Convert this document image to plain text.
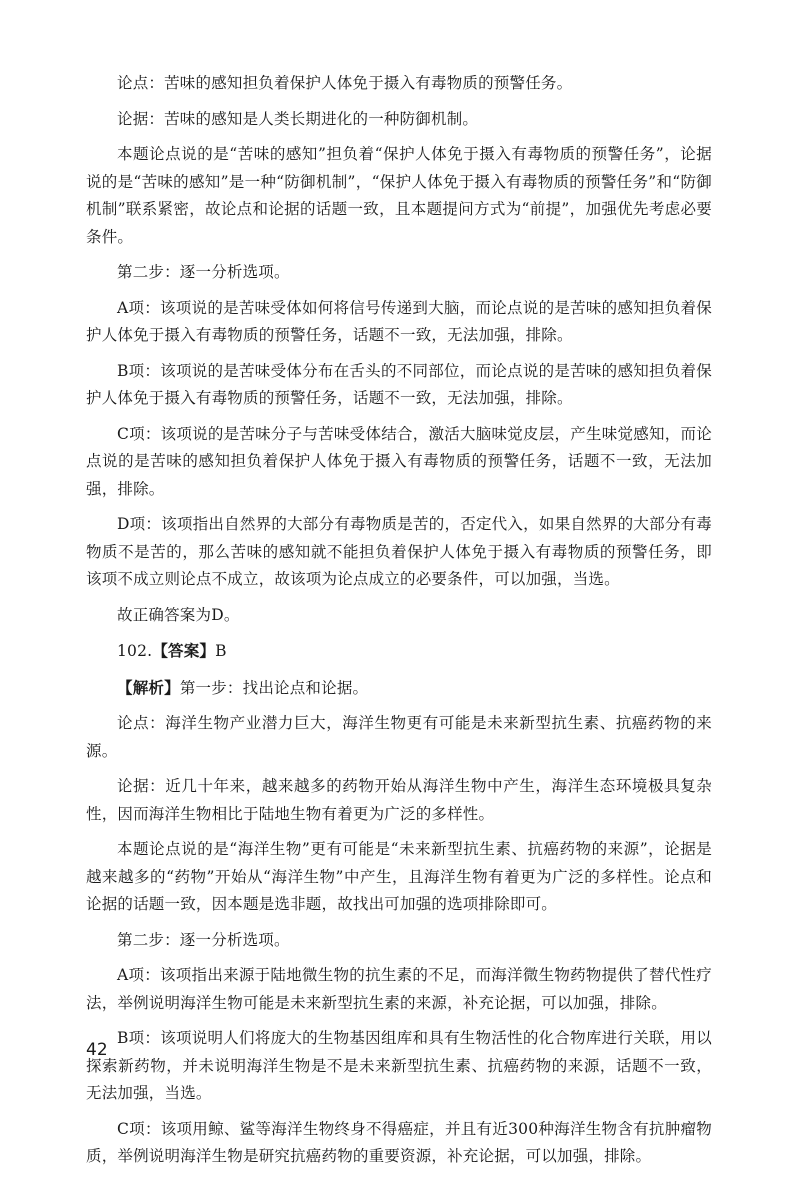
论点：苦味的感知担负着保护人体免于摄入有毒物质的预警任务。

论据：苦味的感知是人类长期进化的一种防御机制。

本题论点说的是“苦味的感知”担负着“保护人体免于摄入有毒物质的预警任务”，论据说的是“苦味的感知”是一种“防御机制”，“保护人体免于摄入有毒物质的预警任务”和“防御机制”联系紧密，故论点和论据的话题一致，且本题提问方式为“前提”，加强优先考虑必要条件。

第二步：逐一分析选项。

A项：该项说的是苦味受体如何将信号传递到大脑，而论点说的是苦味的感知担负着保护人体免于摄入有毒物质的预警任务，话题不一致，无法加强，排除。

B项：该项说的是苦味受体分布在舌头的不同部位，而论点说的是苦味的感知担负着保护人体免于摄入有毒物质的预警任务，话题不一致，无法加强，排除。

C项：该项说的是苦味分子与苦味受体结合，激活大脑味觉皮层，产生味觉感知，而论点说的是苦味的感知担负着保护人体免于摄入有毒物质的预警任务，话题不一致，无法加强，排除。

D项：该项指出自然界的大部分有毒物质是苦的，否定代入，如果自然界的大部分有毒物质不是苦的，那么苦味的感知就不能担负着保护人体免于摄入有毒物质的预警任务，即该项不成立则论点不成立，故该项为论点成立的必要条件，可以加强，当选。

故正确答案为D。

102.【答案】B

【解析】第一步：找出论点和论据。

论点：海洋生物产业潜力巨大，海洋生物更有可能是未来新型抗生素、抗癌药物的来源。

论据：近几十年来，越来越多的药物开始从海洋生物中产生，海洋生态环境极具复杂性，因而海洋生物相比于陆地生物有着更为广泛的多样性。

本题论点说的是“海洋生物”更有可能是“未来新型抗生素、抗癌药物的来源”，论据是越来越多的“药物”开始从“海洋生物”中产生，且海洋生物有着更为广泛的多样性。论点和论据的话题一致，因本题是选非题，故找出可加强的选项排除即可。

第二步：逐一分析选项。

A项：该项指出来源于陆地微生物的抗生素的不足，而海洋微生物药物提供了替代性疗法，举例说明海洋生物可能是未来新型抗生素的来源，补充论据，可以加强，排除。

B项：该项说明人们将庞大的生物基因组库和具有生物活性的化合物库进行关联，用以探索新药物，并未说明海洋生物是不是未来新型抗生素、抗癌药物的来源，话题不一致，无法加强，当选。

C项：该项用鲸、鲨等海洋生物终身不得癌症，并且有近300种海洋生物含有抗肿瘤物质，举例说明海洋生物是研究抗癌药物的重要资源，补充论据，可以加强，排除。

42
